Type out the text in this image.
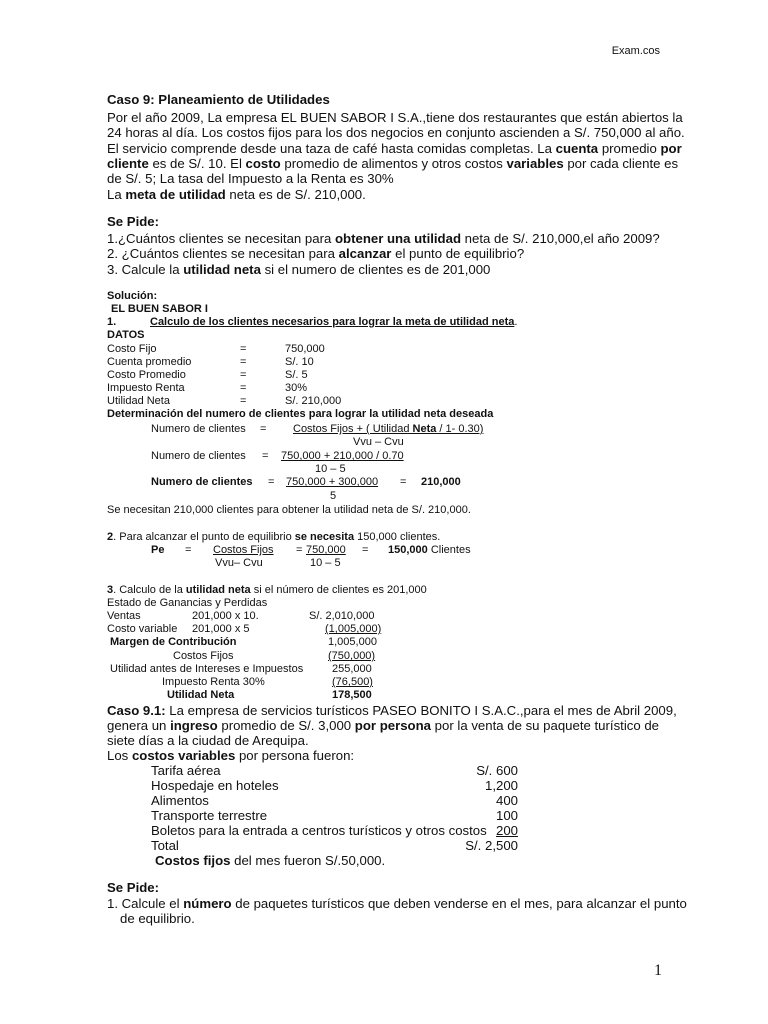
Exam.cos
Caso 9: Planeamiento de Utilidades
Por el año 2009, La empresa EL BUEN SABOR I S.A.,tiene dos restaurantes que están abiertos la
24 horas al día. Los costos fijos para los dos negocios en conjunto ascienden a S/. 750,000 al año.
El servicio comprende desde una taza de café hasta comidas completas. La cuenta promedio por
cliente es de S/. 10. El costo promedio de alimentos y otros costos variables por cada cliente es
de S/. 5; La tasa del Impuesto a la Renta es 30%
La meta de utilidad neta es de S/. 210,000.
Se Pide:
1.¿Cuántos clientes se necesitan para obtener una utilidad neta de S/. 210,000,el año 2009?
2. ¿Cuántos clientes se necesitan para alcanzar el punto de equilibrio?
3. Calcule la utilidad neta si el numero de clientes es de 201,000
Solución:
EL BUEN SABOR I
1.	Calculo de los clientes necesarios para lograr la meta de utilidad neta.
DATOS
Costo Fijo	=	750,000
Cuenta promedio	=	S/. 10
Costo Promedio	=	S/. 5
Impuesto Renta	=	30%
Utilidad Neta	=	S/. 210,000
Determinación del numero de clientes para lograr la utilidad neta deseada
Numero de clientes = Costos Fijos + ( Utilidad Neta / 1- 0.30)
Vvu – Cvu
Numero de clientes = 750,000 + 210,000 / 0.70
10 – 5
Numero de clientes = 750,000 + 300,000 = 210,000
5
Se necesitan 210,000 clientes para obtener la utilidad neta de S/. 210,000.
2. Para alcanzar el punto de equilibrio se necesita 150,000 clientes.
Pe = Costos Fijos = 750,000 = 150,000 Clientes
Vvu– Cvu	10 – 5
3. Calculo de la utilidad neta si el número de clientes es 201,000
Estado de Ganancias y Perdidas
Ventas	201,000 x 10.	S/. 2,010,000
Costo variable 201,000 x 5	(1,005,000)
Margen de Contribución	1,005,000
Costos Fijos	(750,000)
Utilidad antes de Intereses e Impuestos	255,000
Impuesto Renta 30%	(76,500)
Utilidad Neta	178,500
Caso 9.1: La empresa de servicios turísticos PASEO BONITO I S.A.C.,para el mes de Abril 2009,
genera un ingreso promedio de S/. 3,000 por persona por la venta de su paquete turístico de
siete días a la ciudad de Arequipa.
Los costos variables por persona fueron:
Tarifa aérea	S/. 600
Hospedaje en hoteles	1,200
Alimentos	400
Transporte terrestre	100
Boletos para la entrada a centros turísticos y otros costos 200
Total	S/. 2,500
Costos fijos del mes fueron S/.50,000.
Se Pide:
1. Calcule el número de paquetes turísticos que deben venderse en el mes, para alcanzar el punto
de equilibrio.
1
